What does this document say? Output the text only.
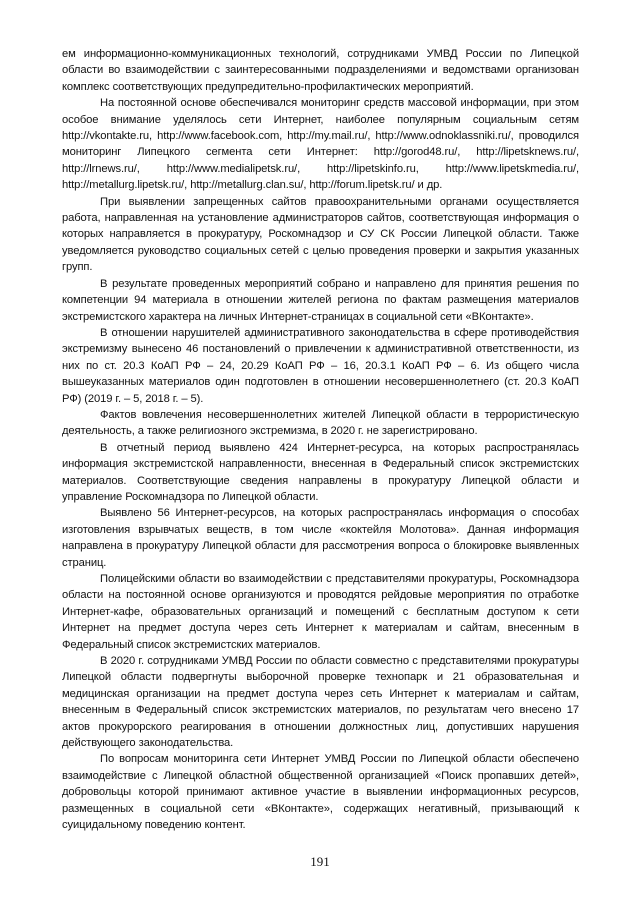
ем информационно-коммуникационных технологий, сотрудниками УМВД России по Липецкой области во взаимодействии с заинтересованными подразделениями и ведомствами организован комплекс соответствующих предупредительно-профилактических мероприятий.

На постоянной основе обеспечивался мониторинг средств массовой информации, при этом особое внимание уделялось сети Интернет, наиболее популярным социальным сетям http://vkontakte.ru, http://www.facebook.com, http://my.mail.ru/, http://www.odnoklassniki.ru/, проводился мониторинг Липецкого сегмента сети Интернет: http://gorod48.ru/, http://lipetsknews.ru/, http://lrnews.ru/, http://www.medialipetsk.ru/, http://lipetskinfo.ru, http://www.lipetskmedia.ru/, http://metallurg.lipetsk.ru/, http://metallurg.clan.su/, http://forum.lipetsk.ru/ и др.

При выявлении запрещенных сайтов правоохранительными органами осуществляется работа, направленная на установление администраторов сайтов, соответствующая информация о которых направляется в прокуратуру, Роскомнадзор и СУ СК России Липецкой области. Также уведомляется руководство социальных сетей с целью проведения проверки и закрытия указанных групп.

В результате проведенных мероприятий собрано и направлено для принятия решения по компетенции 94 материала в отношении жителей региона по фактам размещения материалов экстремистского характера на личных Интернет-страницах в социальной сети «ВКонтакте».

В отношении нарушителей административного законодательства в сфере противодействия экстремизму вынесено 46 постановлений о привлечении к административной ответственности, из них по ст. 20.3 КоАП РФ – 24, 20.29 КоАП РФ – 16, 20.3.1 КоАП РФ – 6. Из общего числа вышеуказанных материалов один подготовлен в отношении несовершеннолетнего (ст. 20.3 КоАП РФ) (2019 г. – 5, 2018 г. – 5).

Фактов вовлечения несовершеннолетних жителей Липецкой области в террористическую деятельность, а также религиозного экстремизма, в 2020 г. не зарегистрировано.

В отчетный период выявлено 424 Интернет-ресурса, на которых распространялась информация экстремистской направленности, внесенная в Федеральный список экстремистских материалов. Соответствующие сведения направлены в прокуратуру Липецкой области и управление Роскомнадзора по Липецкой области.

Выявлено 56 Интернет-ресурсов, на которых распространялась информация о способах изготовления взрывчатых веществ, в том числе «коктейля Молотова». Данная информация направлена в прокуратуру Липецкой области для рассмотрения вопроса о блокировке выявленных страниц.

Полицейскими области во взаимодействии с представителями прокуратуры, Роскомнадзора области на постоянной основе организуются и проводятся рейдовые мероприятия по отработке Интернет-кафе, образовательных организаций и помещений с бесплатным доступом к сети Интернет на предмет доступа через сеть Интернет к материалам и сайтам, внесенным в Федеральный список экстремистских материалов.

В 2020 г. сотрудниками УМВД России по области совместно с представителями прокуратуры Липецкой области подвергнуты выборочной проверке технопарк и 21 образовательная и медицинская организации на предмет доступа через сеть Интернет к материалам и сайтам, внесенным в Федеральный список экстремистских материалов, по результатам чего внесено 17 актов прокурорского реагирования в отношении должностных лиц, допустивших нарушения действующего законодательства.

По вопросам мониторинга сети Интернет УМВД России по Липецкой области обеспечено взаимодействие с Липецкой областной общественной организацией «Поиск пропавших детей», добровольцы которой принимают активное участие в выявлении информационных ресурсов, размещенных в социальной сети «ВКонтакте», содержащих негативный, призывающий к суицидальному поведению контент.

191
